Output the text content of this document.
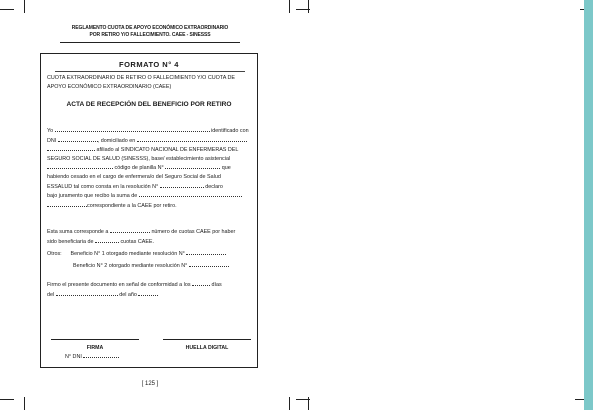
REGLAMENTO CUOTA DE APOYO ECONÓMICO EXTRAORDINARIO
POR RETIRO Y/O FALLECIMIENTO. CAEE - SINESSS
FORMATO N° 4
CUOTA EXTRAORDINARIO DE RETIRO O FALLECIMIENTO Y/O CUOTA DE
APOYO ECONÓMICO EXTRAORDINARIO (CAEE)
ACTA DE RECEPCIÓN DEL BENEFICIO POR RETIRO
Yo	identificado con
DNI	, domiciliado en
afiliado al SINDICATO NACIONAL DE ENFERMERAS DEL
SEGURO SOCIAL DE SALUD (SINESSS), base/ establecimiento asistencial
código de planilla N°	que
habiendo cesado en el cargo de enfermera/o del Seguro Social de Salud
ESSALUD tal como consta en la resolución N°	declaro
bajo juramento que recibo la suma de
correspondiente a la CAEE por retiro.
Esta suma corresponde a	número de cuotas CAEE por haber
sido beneficiaria de	cuotas CAEE.
Otros: Beneficio N° 1 otorgado mediante resolución N°
Beneficio N° 2 otorgado mediante resolución N°
Firmo el presente documento en señal de conformidad a los	días
del	del año
FIRMA	HUELLA DIGITAL
N° DNI
[ 125 ]
